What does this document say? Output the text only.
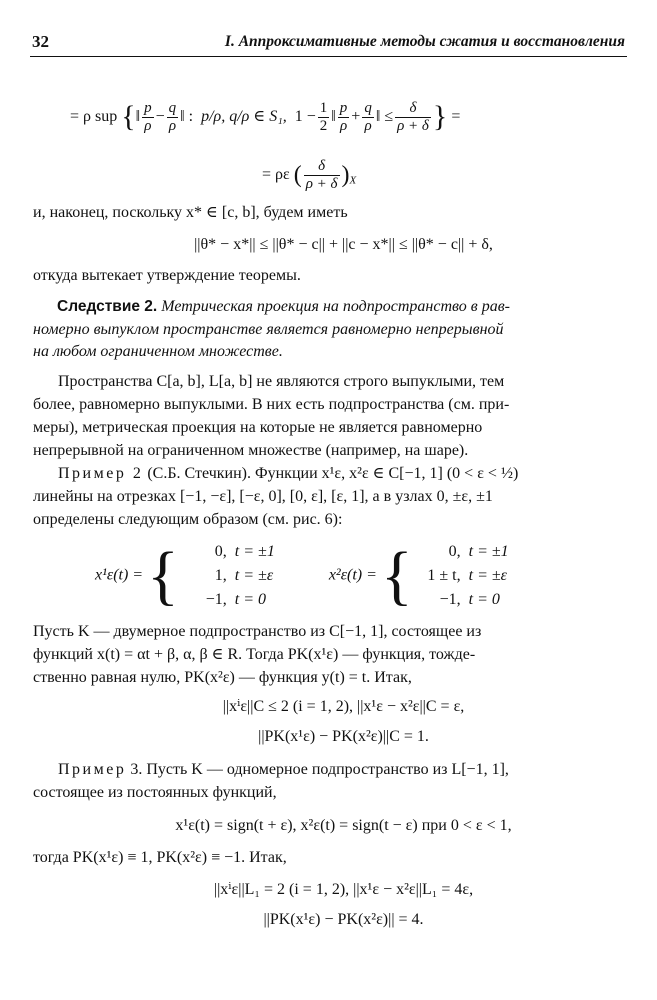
32	I. Аппроксимативные методы сжатия и восстановления
= ρ sup {‖ $\frac{p}{\rho} - \frac{q}{\rho}$ ‖ :  p/ρ, q/ρ ∈ S₁,  $1 - \frac{1}{2}$ ‖ $\frac{p}{\rho} + \frac{q}{\rho}$ ‖ ≤ $\frac{\delta}{\rho + \delta}$ } =
= ρε ( $\frac{\delta}{\rho + \delta} )_X$
и, наконец, поскольку x* ∈ [c, b], будем иметь
||θ* − x*|| ≤ ||θ* − c|| + ||c − x*|| ≤ ||θ* − c|| + δ,
откуда вытекает утверждение теоремы.
Следствие 2. Метрическая проекция на подпространство в рав-
номерно выпуклом пространстве является равномерно непрерывной
на любом ограниченном множестве.
Пространства C[a, b], L[a, b] не являются строго выпуклыми, тем
более, равномерно выпуклыми. В них есть подпространства (см. при-
меры), метрическая проекция на которые не является равномерно
непрерывной на ограниченном множестве (например, на шаре).
Пример 2 (С.Б. Стечкин). Функции x¹ε, x²ε ∈ C[−1, 1] (0 < ε < ½)
линейны на отрезках [−1, −ε], [−ε, 0], [0, ε], [ε, 1], а в узлах 0, ±ε, ±1
определены следующим образом (см. рис. 6):
x¹ε(t) = {	0, t = ±1
1, t = ±ε
−1, t = 0
x²ε(t) = {	0, t = ±1
1 ± t, t = ±ε
−1, t = 0
Пусть K — двумерное подпространство из C[−1, 1], состоящее из
функций x(t) = αt + β, α, β ∈ R. Тогда PK(x¹ε) — функция, тожде-
ственно равная нулю, PK(x²ε) — функция y(t) = t. Итак,
||xⁱε||C ≤ 2 (i = 1, 2), ||x¹ε − x²ε||C = ε,
||PK(x¹ε) − PK(x²ε)||C = 1.
Пример 3. Пусть K — одномерное подпространство из L[−1, 1],
состоящее из постоянных функций,
x¹ε(t) = sign(t + ε), x²ε(t) = sign(t − ε) при 0 < ε < 1,
тогда PK(x¹ε) ≡ 1, PK(x²ε) ≡ −1. Итак,
||xⁱε||L₁ = 2 (i = 1, 2), ||x¹ε − x²ε||L₁ = 4ε,
||PK(x¹ε) − PK(x²ε)|| = 4.
